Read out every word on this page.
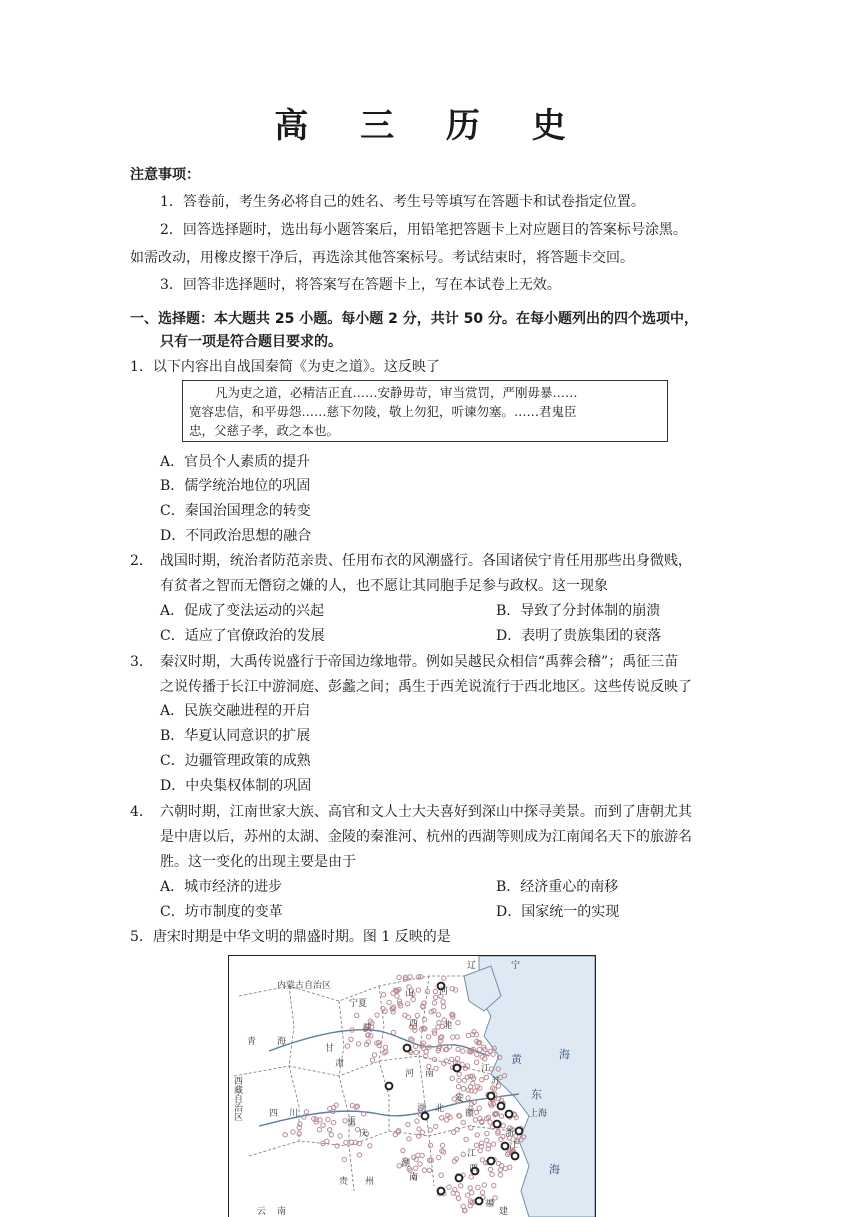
高 三 历 史
注意事项：
1．答卷前，考生务必将自己的姓名、考生号等填写在答题卡和试卷指定位置。
2．回答选择题时，选出每小题答案后，用铅笔把答题卡上对应题目的答案标号涂黑。
如需改动，用橡皮擦干净后，再选涂其他答案标号。考试结束时，将答题卡交回。
3．回答非选择题时，将答案写在答题卡上，写在本试卷上无效。
一、选择题：本大题共 25 小题。每小题 2 分，共计 50 分。在每小题列出的四个选项中，
只有一项是符合题目要求的。
1．以下内容出自战国秦简《为吏之道》。这反映了
凡为吏之道，必精洁正直……安静毋苛，审当赏罚，严刚毋暴……
宽容忠信，和平毋怨……慈下勿陵，敬上勿犯，听谏勿塞。……君鬼臣
忠，父慈子孝，政之本也。
A．官员个人素质的提升
B．儒学统治地位的巩固
C．秦国治国理念的转变
D．不同政治思想的融合
2．　战国时期，统治者防范亲贵、任用布衣的风潮盛行。各国诸侯宁肯任用那些出身微贱，
有贫者之智而无僭窃之嫌的人，也不愿让其同胞手足参与政权。这一现象
A．促成了变法运动的兴起	B．导致了分封体制的崩溃
C．适应了官僚政治的发展	D．表明了贵族集团的衰落
3．　秦汉时期，大禹传说盛行于帝国边缘地带。例如吴越民众相信“禹葬会稽”；禹征三苗
之说传播于长江中游洞庭、彭蠡之间；禹生于西羌说流行于西北地区。这些传说反映了
A．民族交融进程的开启
B．华夏认同意识的扩展
C．边疆管理政策的成熟
D．中央集权体制的巩固
4．　六朝时期，江南世家大族、高官和文人士大夫喜好到深山中探寻美景。而到了唐朝尤其
是中唐以后，苏州的太湖、金陵的秦淮河、杭州的西湖等则成为江南闻名天下的旅游名
胜。这一变化的出现主要是由于
A．城市经济的进步	B．经济重心的南移
C．坊市制度的变革	D．国家统一的实现
5．唐宋时期是中华文明的鼎盛时期。图 1 反映的是
辽	宁
内蒙古自治区
河
北
山
西
陕
黄	海
青 海
东
海
甘
肃
河 南	江
苏
安
徽
湖 北
四 川
重
庆
西藏自治区
湖
南
江
西
浙
江
贵 州
云 南
福
建
上海
宁夏
